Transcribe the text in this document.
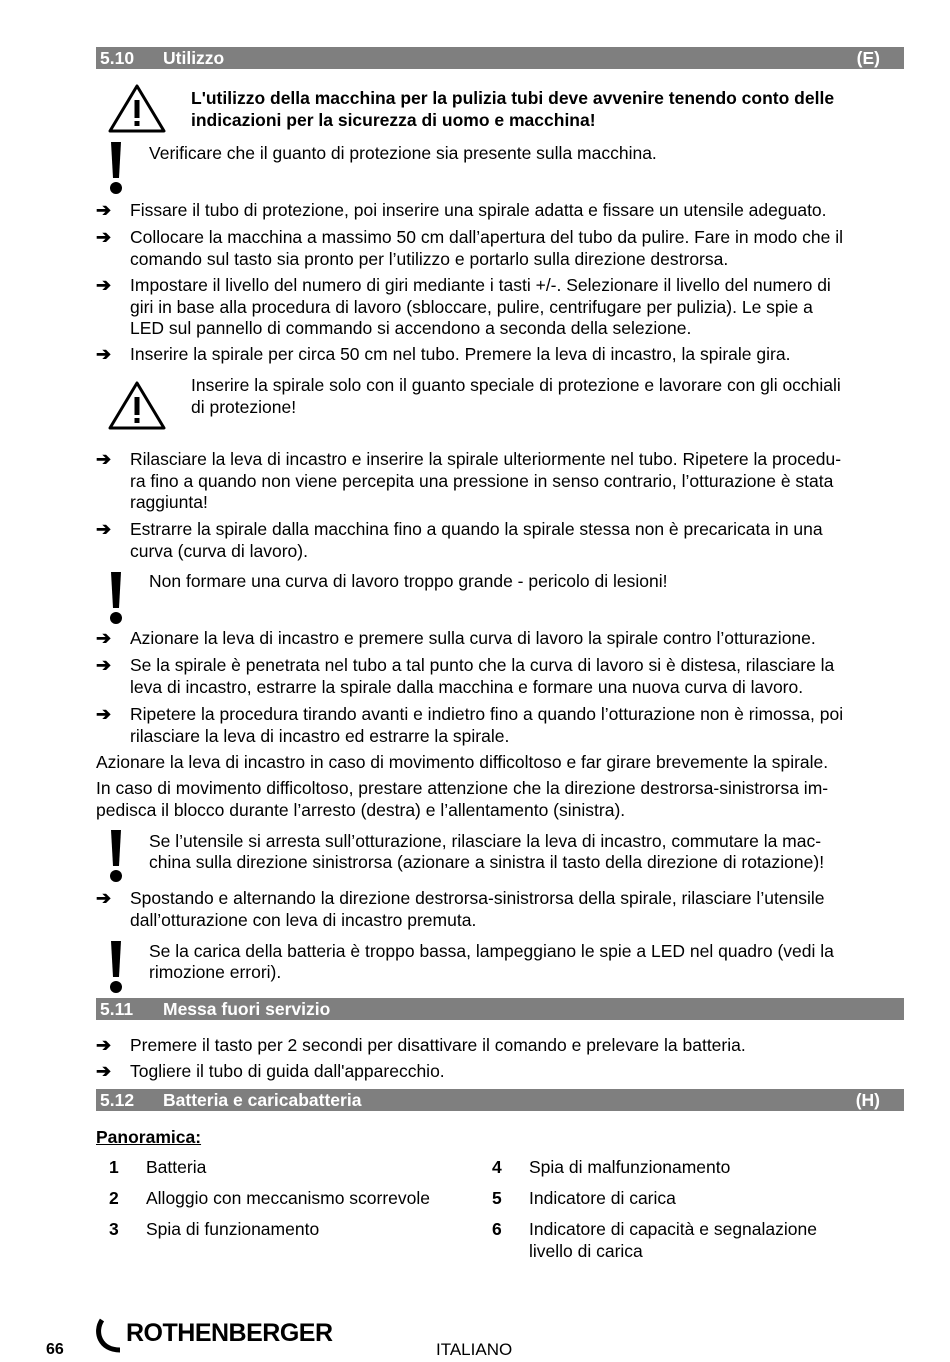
5.10 Utilizzo	(E)
L'utilizzo della macchina per la pulizia tubi deve avvenire tenendo conto delle
indicazioni per la sicurezza di uomo e macchina!
Verificare che il guanto di protezione sia presente sulla macchina.
➔	Fissare il tubo di protezione, poi inserire una spirale adatta e fissare un utensile adeguato.
➔	Collocare la macchina a massimo 50 cm dall’apertura del tubo da pulire. Fare in modo che il
comando sul tasto sia pronto per l’utilizzo e portarlo sulla direzione destrorsa.
➔	Impostare il livello del numero di giri mediante i tasti +/-. Selezionare il livello del numero di
giri in base alla procedura di lavoro (sbloccare, pulire, centrifugare per pulizia). Le spie a
LED sul pannello di commando si accendono a seconda della selezione.
➔	Inserire la spirale per circa 50 cm nel tubo. Premere la leva di incastro, la spirale gira.
Inserire la spirale solo con il guanto speciale di protezione e lavorare con gli occhiali
di protezione!
➔	Rilasciare la leva di incastro e inserire la spirale ulteriormente nel tubo. Ripetere la procedu-
ra fino a quando non viene percepita una pressione in senso contrario, l’otturazione è stata
raggiunta!
➔	Estrarre la spirale dalla macchina fino a quando la spirale stessa non è precaricata in una
curva (curva di lavoro).
Non formare una curva di lavoro troppo grande - pericolo di lesioni!
➔	Azionare la leva di incastro e premere sulla curva di lavoro la spirale contro l’otturazione.
➔	Se la spirale è penetrata nel tubo a tal punto che la curva di lavoro si è distesa, rilasciare la
leva di incastro, estrarre la spirale dalla macchina e formare una nuova curva di lavoro.
➔	Ripetere la procedura tirando avanti e indietro fino a quando l’otturazione non è rimossa, poi
rilasciare la leva di incastro ed estrarre la spirale.
Azionare la leva di incastro in caso di movimento difficoltoso e far girare brevemente la spirale.
In caso di movimento difficoltoso, prestare attenzione che la direzione destrorsa-sinistrorsa im-
pedisca il blocco durante l’arresto (destra) e l’allentamento (sinistra).
Se l’utensile si arresta sull’otturazione, rilasciare la leva di incastro, commutare la mac-
china sulla direzione sinistrorsa (azionare a sinistra il tasto della direzione di rotazione)!
➔	Spostando e alternando la direzione destrorsa-sinistrorsa della spirale, rilasciare l’utensile
dall’otturazione con leva di incastro premuta.
Se la carica della batteria è troppo bassa, lampeggiano le spie a LED nel quadro (vedi la
rimozione errori).
5.11 Messa fuori servizio
➔	Premere il tasto per 2 secondi per disattivare il comando e prelevare la batteria.
➔	Togliere il tubo di guida dall'apparecchio.
5.12 Batteria e caricabatteria	(H)
Panoramica:
1 Batteria
2 Alloggio con meccanismo scorrevole
3 Spia di funzionamento
4 Spia di malfunzionamento
5 Indicatore di carica
6 Indicatore di capacità e segnalazione
livello di carica
66
ROTHENBERGER
ITALIANO
